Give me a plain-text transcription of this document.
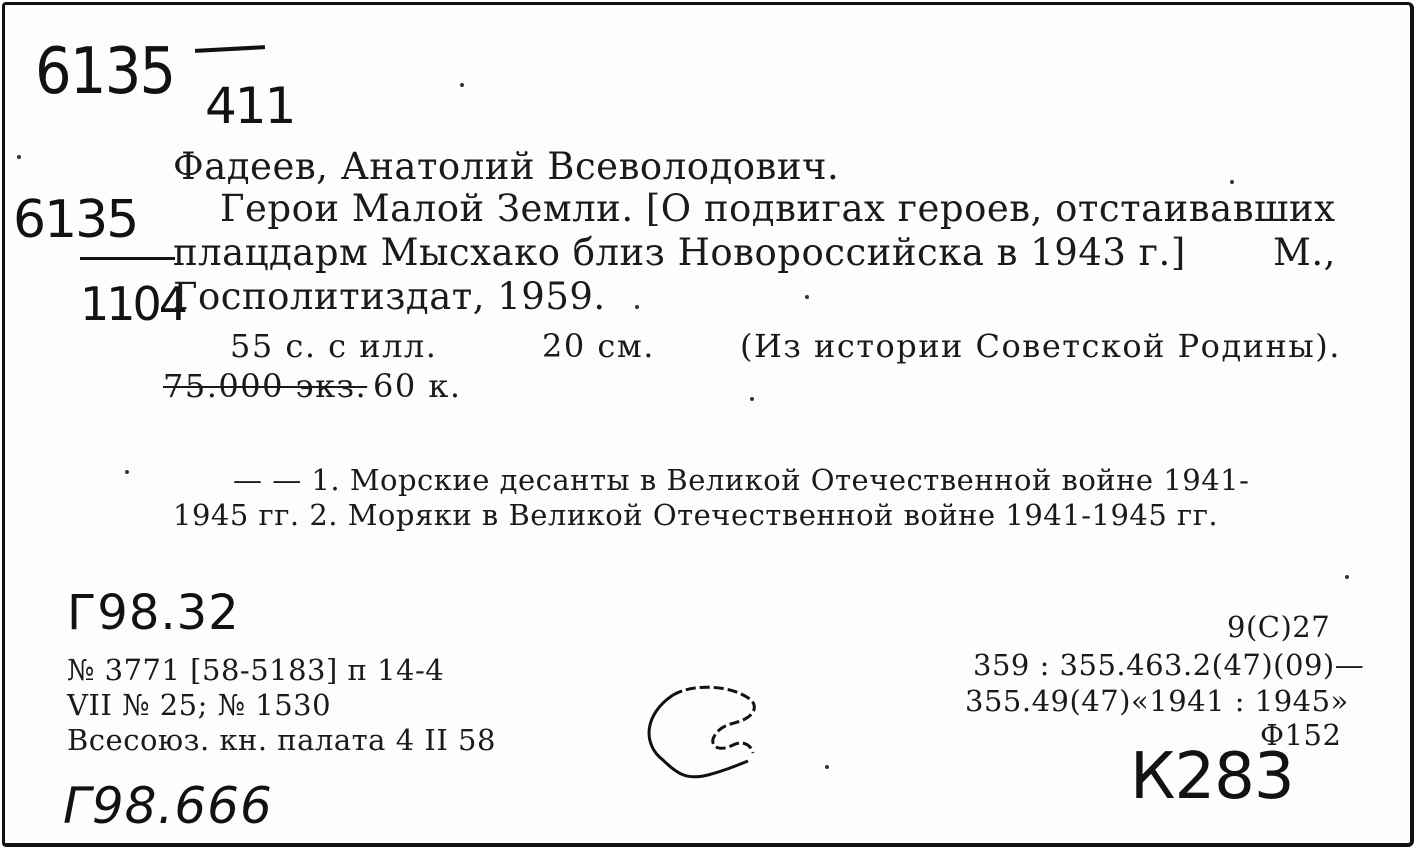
6135 411
6135
1104
Фадеев, Анатолий Всеволодович.
Герои Малой Земли. [О подвигах героев, отстаивавших
плацдарм Мысхако близ Новороссийска в 1943 г.] М.,
Госполитиздат, 1959.
55 с. с илл.	20 см.	(Из истории Советской Родины).
75.000 экз. 60 к.
— — 1. Морские десанты в Великой Отечественной войне 1941-
1945 гг. 2. Моряки в Великой Отечественной войне 1941-1945 гг.
Г98.32
№ 3771 [58-5183] п 14-4
VII № 25; № 1530
Всесоюз. кн. палата 4 II 58
Г98.666
9(С)27
359 : 355.463.2(47)(09)—
355.49(47)«1941 : 1945»
Ф152
К283
